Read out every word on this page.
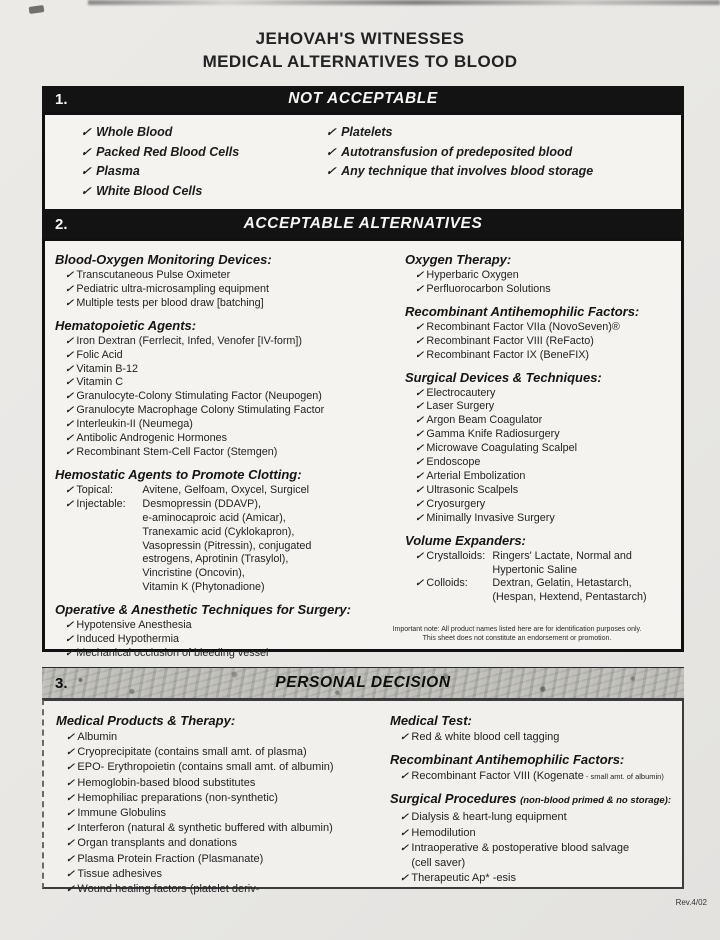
JEHOVAH'S WITNESSES
MEDICAL ALTERNATIVES TO BLOOD
1.	NOT ACCEPTABLE
✓ Whole Blood
✓ Packed Red Blood Cells
✓ Plasma
✓ White Blood Cells
✓ Platelets
✓ Autotransfusion of predeposited blood
✓ Any technique that involves blood storage
2.	ACCEPTABLE ALTERNATIVES
Blood-Oxygen Monitoring Devices:
✓ Transcutaneous Pulse Oximeter
✓ Pediatric ultra-microsampling equipment
✓ Multiple tests per blood draw [batching]
Hematopoietic Agents:
✓ Iron Dextran (Ferrlecit, Infed, Venofer [IV-form])
✓ Folic Acid
✓ Vitamin B-12
✓ Vitamin C
✓ Granulocyte-Colony Stimulating Factor (Neupogen)
✓ Granulocyte Macrophage Colony Stimulating Factor
✓ Interleukin-II (Neumega)
✓ Antibolic Androgenic Hormones
✓ Recombinant Stem-Cell Factor (Stemgen)
Hemostatic Agents to Promote Clotting:
✓ Topical:	Avitene, Gelfoam, Oxycel, Surgicel
✓ Injectable: Desmopressin (DDAVP),
e-aminocaproic acid (Amicar),
Tranexamic acid (Cyklokapron),
Vasopressin (Pitressin), conjugated
estrogens, Aprotinin (Trasylol),
Vincristine (Oncovin),
Vitamin K (Phytonadione)
Operative & Anesthetic Techniques for Surgery:
✓ Hypotensive Anesthesia
✓ Induced Hypothermia
✓ Mechanical occlusion of bleeding vessel
Oxygen Therapy:
✓ Hyperbaric Oxygen
✓ Perfluorocarbon Solutions
Recombinant Antihemophilic Factors:
✓ Recombinant Factor VIIa (NovoSeven)®
✓ Recombinant Factor VIII (ReFacto)
✓ Recombinant Factor IX (BeneFIX)
Surgical Devices & Techniques:
✓ Electrocautery
✓ Laser Surgery
✓ Argon Beam Coagulator
✓ Gamma Knife Radiosurgery
✓ Microwave Coagulating Scalpel
✓ Endoscope
✓ Arterial Embolization
✓ Ultrasonic Scalpels
✓ Cryosurgery
✓ Minimally Invasive Surgery
Volume Expanders:
✓ Crystalloids: Ringers' Lactate, Normal and
Hypertonic Saline
✓ Colloids: Dextran, Gelatin, Hetastarch,
(Hespan, Hextend, Pentastarch)
Important note: All product names listed here are for identification purposes only.
This sheet does not constitute an endorsement or promotion.
3.	PERSONAL DECISION
Medical Products & Therapy:
✓ Albumin
✓ Cryoprecipitate (contains small amt. of plasma)
✓ EPO- Erythropoietin (contains small amt. of albumin)
✓ Hemoglobin-based blood substitutes
✓ Hemophiliac preparations (non-synthetic)
✓ Immune Globulins
✓ Interferon (natural & synthetic buffered with albumin)
✓ Organ transplants and donations
✓ Plasma Protein Fraction (Plasmanate)
✓ Tissue adhesives
✓ Wound healing factors (platelet deriv-
Medical Test:
✓ Red & white blood cell tagging
Recombinant Antihemophilic Factors:
✓ Recombinant Factor VIII (Kogenate - small amt. of albumin)
Surgical Procedures (non-blood primed & no storage):
✓ Dialysis & heart-lung equipment
✓ Hemodilution
✓ Intraoperative & postoperative blood salvage
(cell saver)
✓ Therapeutic Ap* -esis
Rev.4/02
